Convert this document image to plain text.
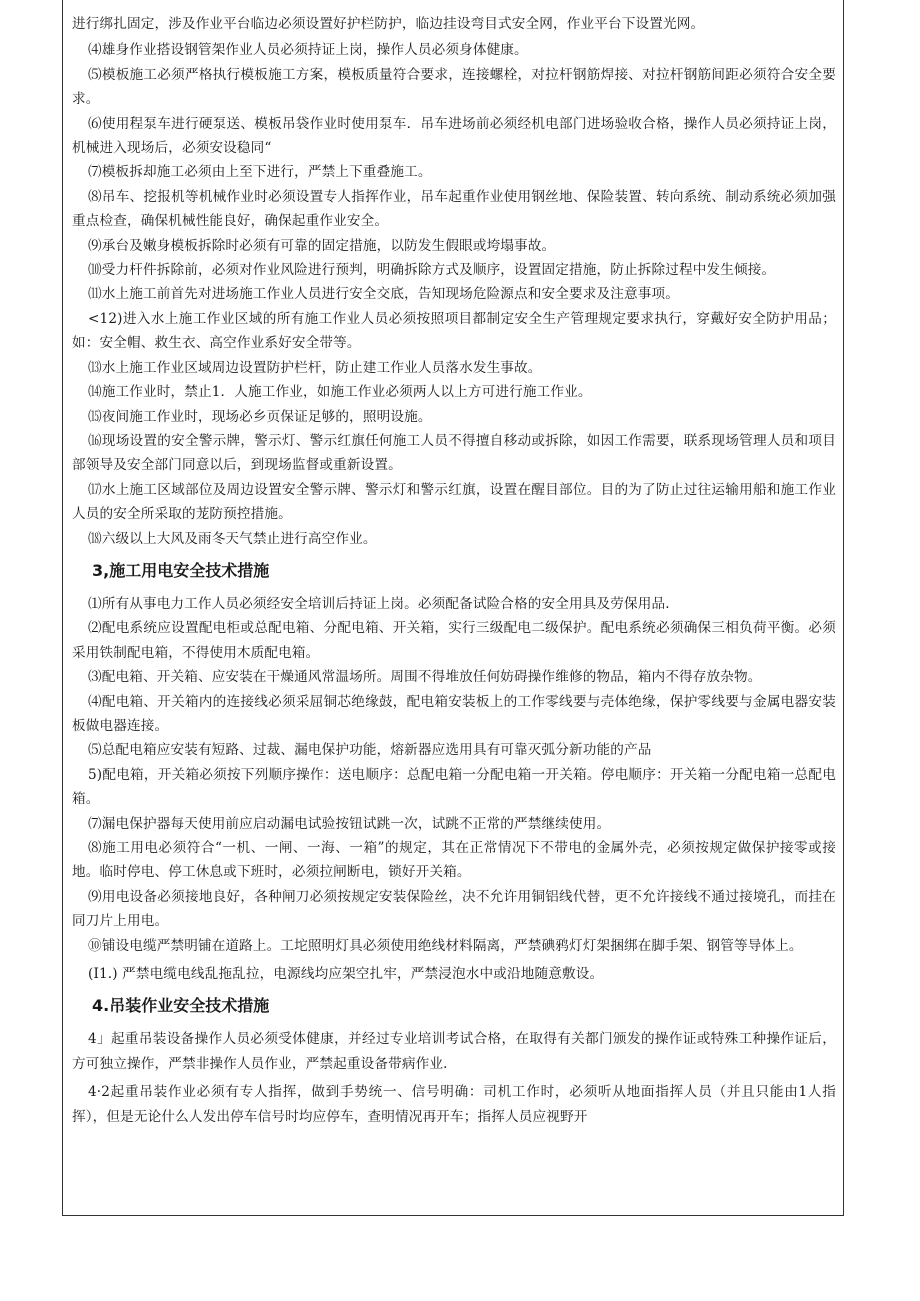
进行绑扎固定，涉及作业平台临边必须设置好护栏防护，临边挂设弯目式安全网，作业平台下设置光网。

⑷雄身作业搭设钢管架作业人员必须持证上岗，操作人员必须身体健康。

⑸模板施工必须严格执行模板施工方案，模板质量符合要求，连接螺栓，对拉杆钢筋焊接、对拉杆钢筋间距必须符合安全要求。

⑹使用程泵车进行硬泵送、模板吊袋作业时使用泵车．吊车进场前必须经机电部门进场验收合格，操作人员必须持证上岗，机械进入现场后，必须安设稳同“

⑺模板拆却施工必须由上至下进行，严禁上下重叠施工。

⑻吊车、挖报机等机械作业时必须设置专人指挥作业，吊车起重作业使用钢丝地、保险装置、转向系统、制动系统必须加强重点检查，确保机械性能良好，确保起重作业安全。

⑼承台及嫩身模板拆除时必须有可靠的固定措施，以防发生假眼或垮塌事故。

⑽受力杆件拆除前，必须对作业风险进行预判，明确拆除方式及顺序，设置固定措施，防止拆除过程中发生倾接。

⑾水上施工前首先对进场施工作业人员进行安全交底，告知现场危险源点和安全要求及注意事项。

<12)进入水上施工作业区域的所有施工作业人员必须按照项目都制定安全生产管理规定要求执行，穿戴好安全防护用品；如：安全帽、救生衣、高空作业系好安全带等。

⒀水上施工作业区域周边设置防护栏杆，防止建工作业人员落水发生事故。

⒁施工作业时，禁止1．人施工作业，如施工作业必须两人以上方可进行施工作业。

⒂夜间施工作业时，现场必乡页保证足够的，照明设施。

⒃现场设置的安全警示牌，警示灯、警示红旗任何施工人员不得擅自移动或拆除，如因工作需要，联系现场管理人员和项目部领导及安全部门同意以后，到现场监督或重新设置。

⒄水上施工区域部位及周边设置安全警示牌、警示灯和警示红旗，设置在醒目部位。目的为了防止过往运输用船和施工作业人员的安全所采取的茏防预控措施。

⒅六级以上大风及雨冬天气禁止进行高空作业。

3,施工用电安全技术措施

⑴所有从事电力工作人员必须经安全培训后持证上岗。必须配备试险合格的安全用具及劳保用品.

⑵配电系统应设置配电柜或总配电箱、分配电箱、开关箱，实行三级配电二级保护。配电系统必须确保三相负荷平衡。必须采用铁制配电箱，不得使用木质配电箱。

⑶配电箱、开关箱、应安装在干燥通风常温场所。周围不得堆放任何妨碍操作维修的物品，箱内不得存放杂物。

⑷配电箱、开关箱内的连接线必须采屈铜芯绝缘鼓，配电箱安装板上的工作零线要与壳体绝缘，保护零线要与金属电器安装板做电器连接。

⑸总配电箱应安装有短路、过裁、漏电保护功能，熔新器应选用具有可靠灭弧分新功能的产品

5)配电箱，开关箱必须按下列顺序操作：送电顺序：总配电箱一分配电箱一开关箱。停电顺序：开关箱一分配电箱一总配电箱。

⑺漏电保护器每天使用前应启动漏电试验按钮试跳一次，试跳不正常的严禁继续使用。

⑻施工用电必须符合“一机、一闸、一海、一箱”的规定，其在正常情况下不带电的金属外壳，必须按规定做保护接零或接地。临时停电、停工休息或下班时，必须拉闸断电，锁好开关箱。

⑼用电设备必须接地良好，各种闸刀必须按规定安装保险丝，决不允许用铜铝线代替，更不允许接线不通过接境孔，而挂在同刀片上用电。

⑩铺设电缆严禁明铺在道路上。工坨照明灯具必须使用绝线材料隔离，严禁碘鸦灯灯架捆绑在脚手架、钢管等导体上。

(I1.) 严禁电缆电线乱拖乱拉，电源线均应架空扎牢，严禁浸泡水中或沿地随意敷设。

4.吊装作业安全技术措施

4」起重吊装设备操作人员必须受体健康，并经过专业培训考试合格，在取得有关都门颁发的操作证或特殊工种操作证后，方可独立操作，严禁非操作人员作业，严禁起重设备带病作业.

4·2起重吊装作业必须有专人指挥，做到手势统一、信号明确：司机工作时，必须听从地面指挥人员（并且只能由1人指挥），但是无论什么人发出停车信号时均应停车，查明情况再开车；指挥人员应视野开
